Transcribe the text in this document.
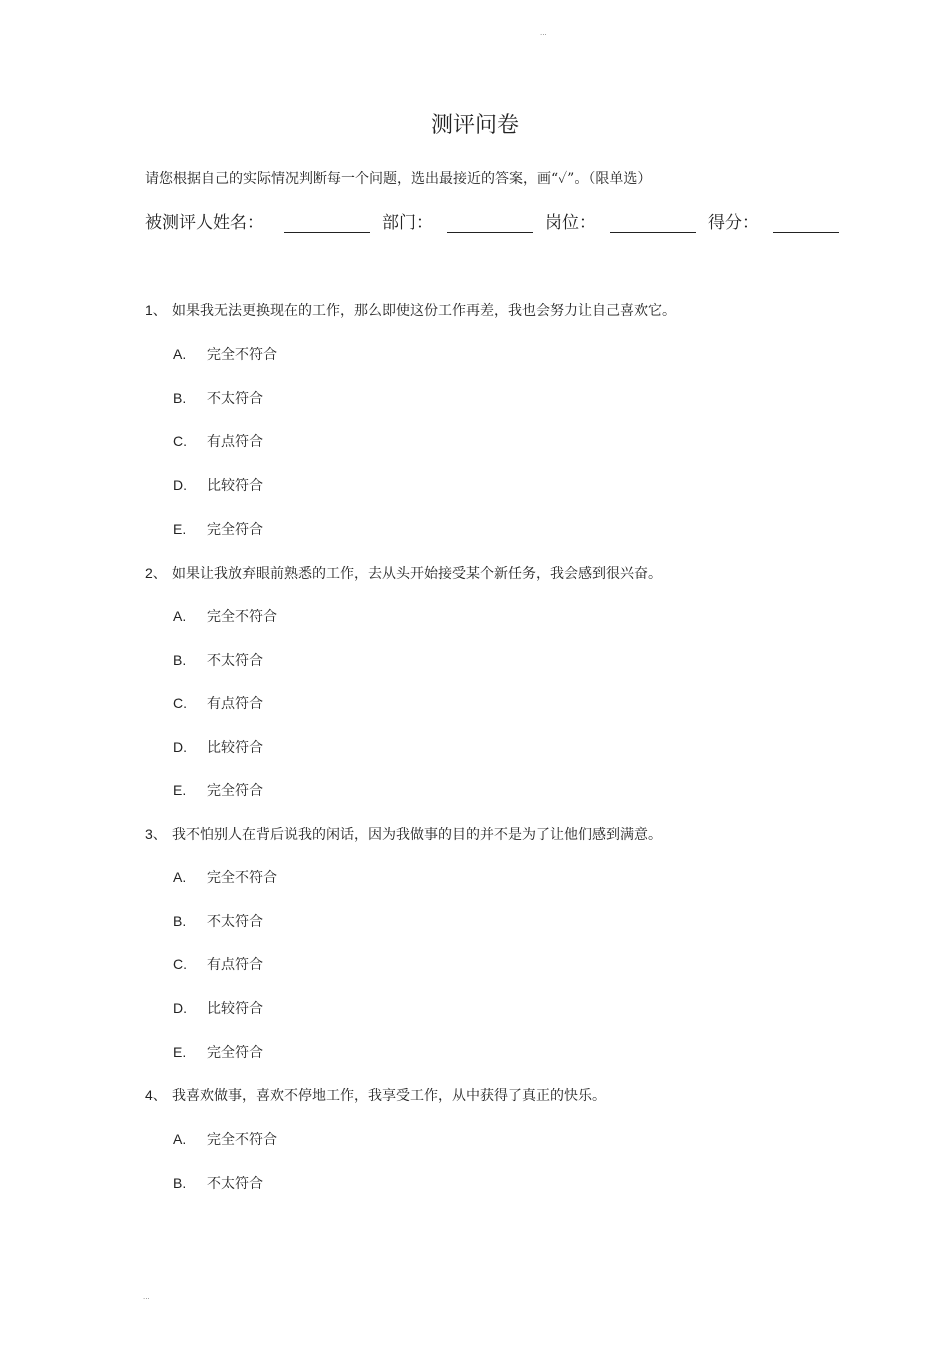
...
测评问卷
请您根据自己的实际情况判断每一个问题，选出最接近的答案，画“✓”。（限单选）
被测评人姓名：	部门：	岗位：	得分：
1、 如果我无法更换现在的工作，那么即使这份工作再差，我也会努力让自己喜欢它。
A. 完全不符合
B. 不太符合
C. 有点符合
D. 比较符合
E. 完全符合
2、 如果让我放弃眼前熟悉的工作，去从头开始接受某个新任务，我会感到很兴奋。
A. 完全不符合
B. 不太符合
C. 有点符合
D. 比较符合
E. 完全符合
3、 我不怕别人在背后说我的闲话，因为我做事的目的并不是为了让他们感到满意。
A. 完全不符合
B. 不太符合
C. 有点符合
D. 比较符合
E. 完全符合
4、 我喜欢做事，喜欢不停地工作，我享受工作，从中获得了真正的快乐。
A. 完全不符合
B. 不太符合
...
